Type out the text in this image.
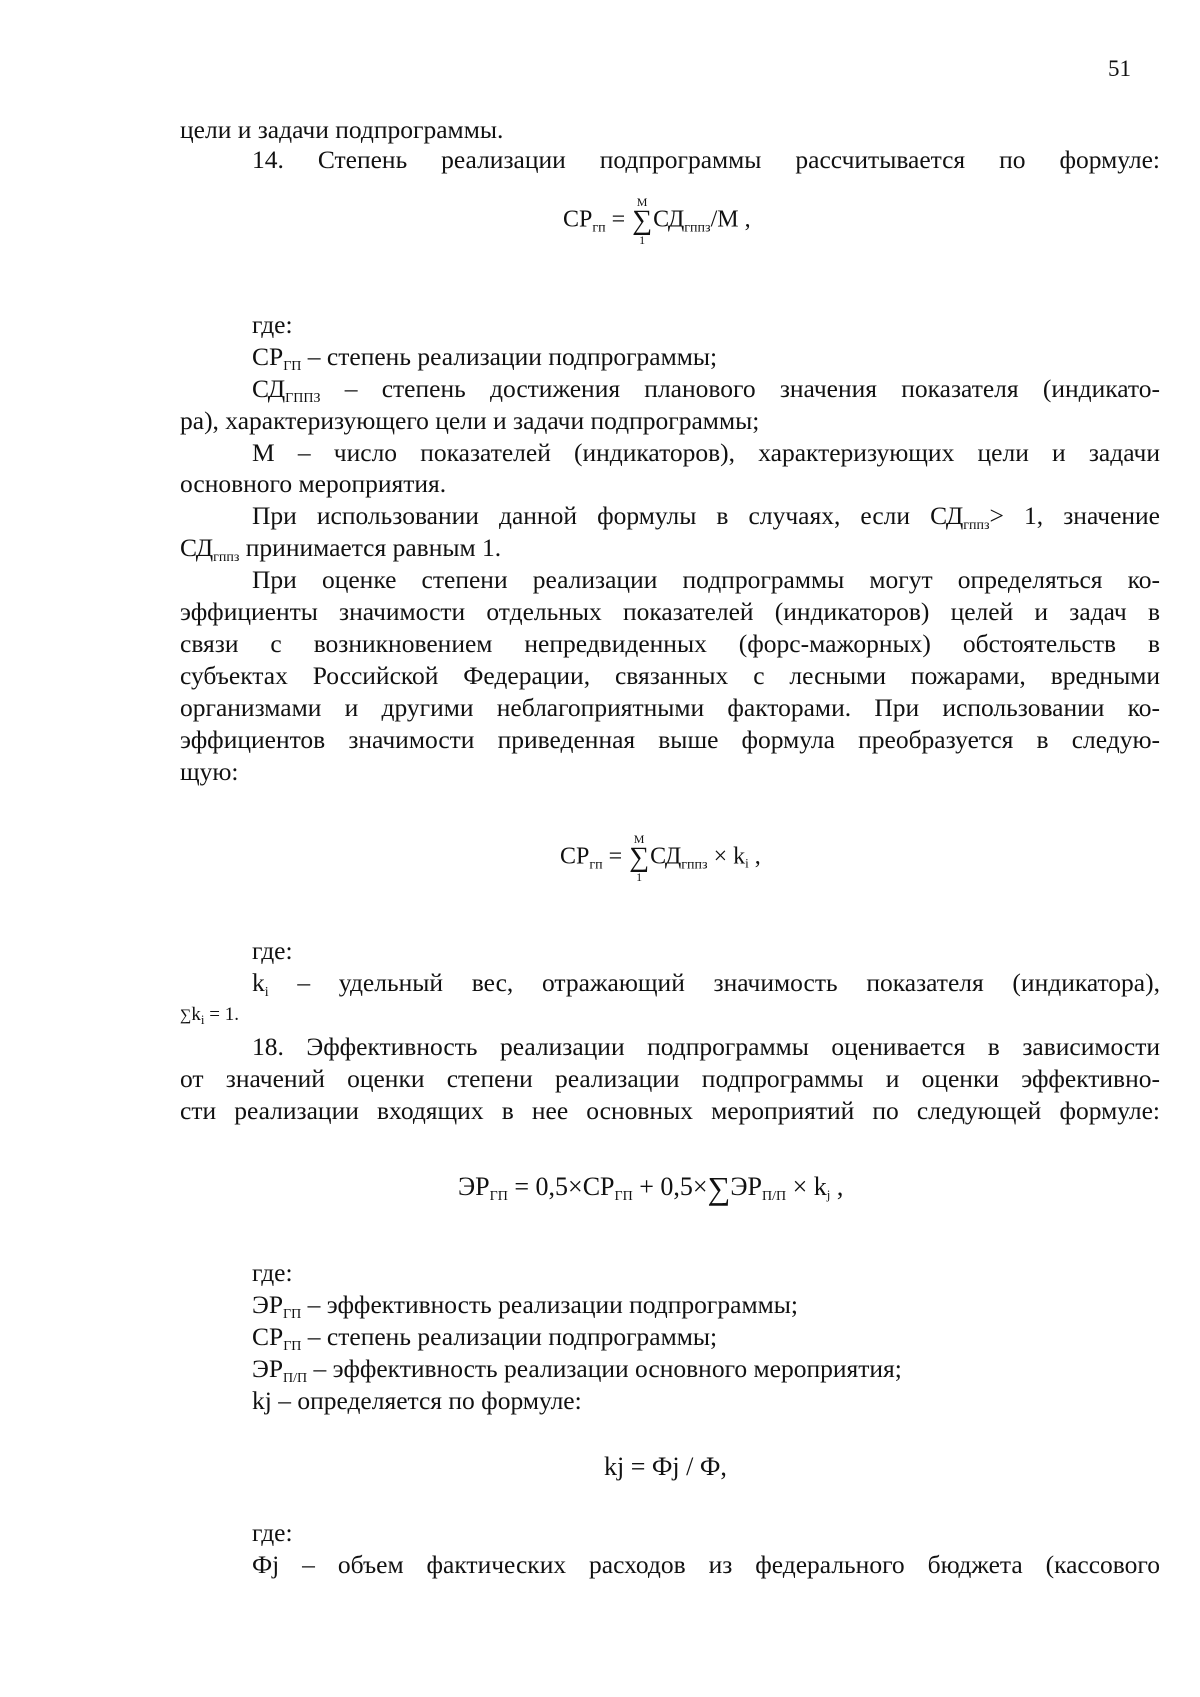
51
цели и задачи подпрограммы.
14. Степень реализации подпрограммы рассчитывается по формуле:
$СР_{гп}$ =
M
∑
1
$СД_{гппз}/М$ ,
где:
$СР_{ГП}$ – степень реализации подпрограммы;
$СД_{ГППЗ}$ – степень достижения планового значения показателя (индикато-
ра), характеризующего цели и задачи подпрограммы;
М – число показателей (индикаторов), характеризующих цели и задачи
основного мероприятия.
При использовании данной формулы в случаях, если $СД_{гппз}> 1$, значение
$СД_{гппз}$ принимается равным 1.
При оценке степени реализации подпрограммы могут определяться ко-
эффициенты значимости отдельных показателей (индикаторов) целей и задач в
связи с возникновением непредвиденных (форс-мажорных) обстоятельств в
субъектах Российской Федерации, связанных с лесными пожарами, вредными
организмами и другими неблагоприятными факторами. При использовании ко-
эффициентов значимости приведенная выше формула преобразуется в следую-
щую:
$СР_{гп}$ =
M
∑
1
$СД_{гппз}$ × ki ,
где:
$k_i$ – удельный вес, отражающий значимость показателя (индикатора),
$\sum k_i = 1$.
18. Эффективность реализации подпрограммы оценивается в зависимости
от значений оценки степени реализации подпрограммы и оценки эффективно-
сти реализации входящих в нее основных мероприятий по следующей формуле:
$ЭР_{ГП} = 0,5\times СР_{ГП} + 0,5\times\sum ЭР_{П/П}$ × kj ,
где:
$ЭР_{ГП}$ – эффективность реализации подпрограммы;
$СР_{ГП}$ – степень реализации подпрограммы;
$ЭР_{П/П}$ – эффективность реализации основного мероприятия;
kj – определяется по формуле:
kj = Фj / Ф,
где:
Фj – объем фактических расходов из федерального бюджета (кассового
